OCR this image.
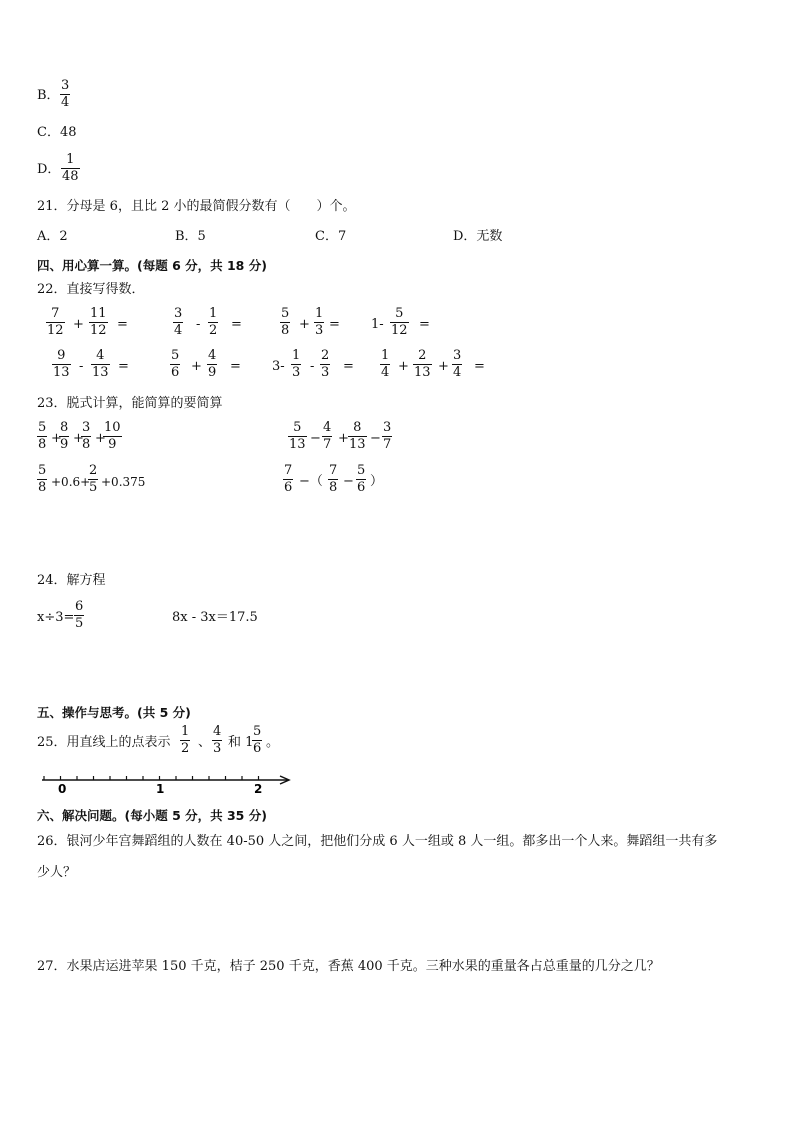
B．
3
4
C．48
D．
1
48
21．分母是 6，且比 2 小的最简假分数有（　　）个。
A．2	B．5	C．7	D．无数
四、用心算一算。(每题 6 分，共 18 分)
22．直接写得数．
7
12 +
11
12 =
3
4 -
1
2 =
5
8 +
1
3 = 1-
5
12 =
9
13 -
4
13 =
5
6 +
4
9 = 3-
1
3 -
2
3 =
1
4 +
2
13 +
3
4 =
23．脱式计算，能简算的要简算
5
8 +
8
9 +
3
8 +
10
9
5
13 −
4
7 +
8
13 −
3
7
5
8 +0.6+
2
5 +0.375
7
6 −（
7
8 −
5
6 ）
24．解方程
x÷3=
6
5	8x - 3x＝17.5
五、操作与思考。(共 5 分)
25．用直线上的点表示
1
2 、
4
3 和 1
5
6 。
0	1	2
六、解决问题。(每小题 5 分，共 35 分)
26．银河少年宫舞蹈组的人数在 40-50 人之间，把他们分成 6 人一组或 8 人一组。都多出一个人来。舞蹈组一共有多
少人？
27．水果店运进苹果 150 千克，桔子 250 千克，香蕉 400 千克。三种水果的重量各占总重量的几分之几？
